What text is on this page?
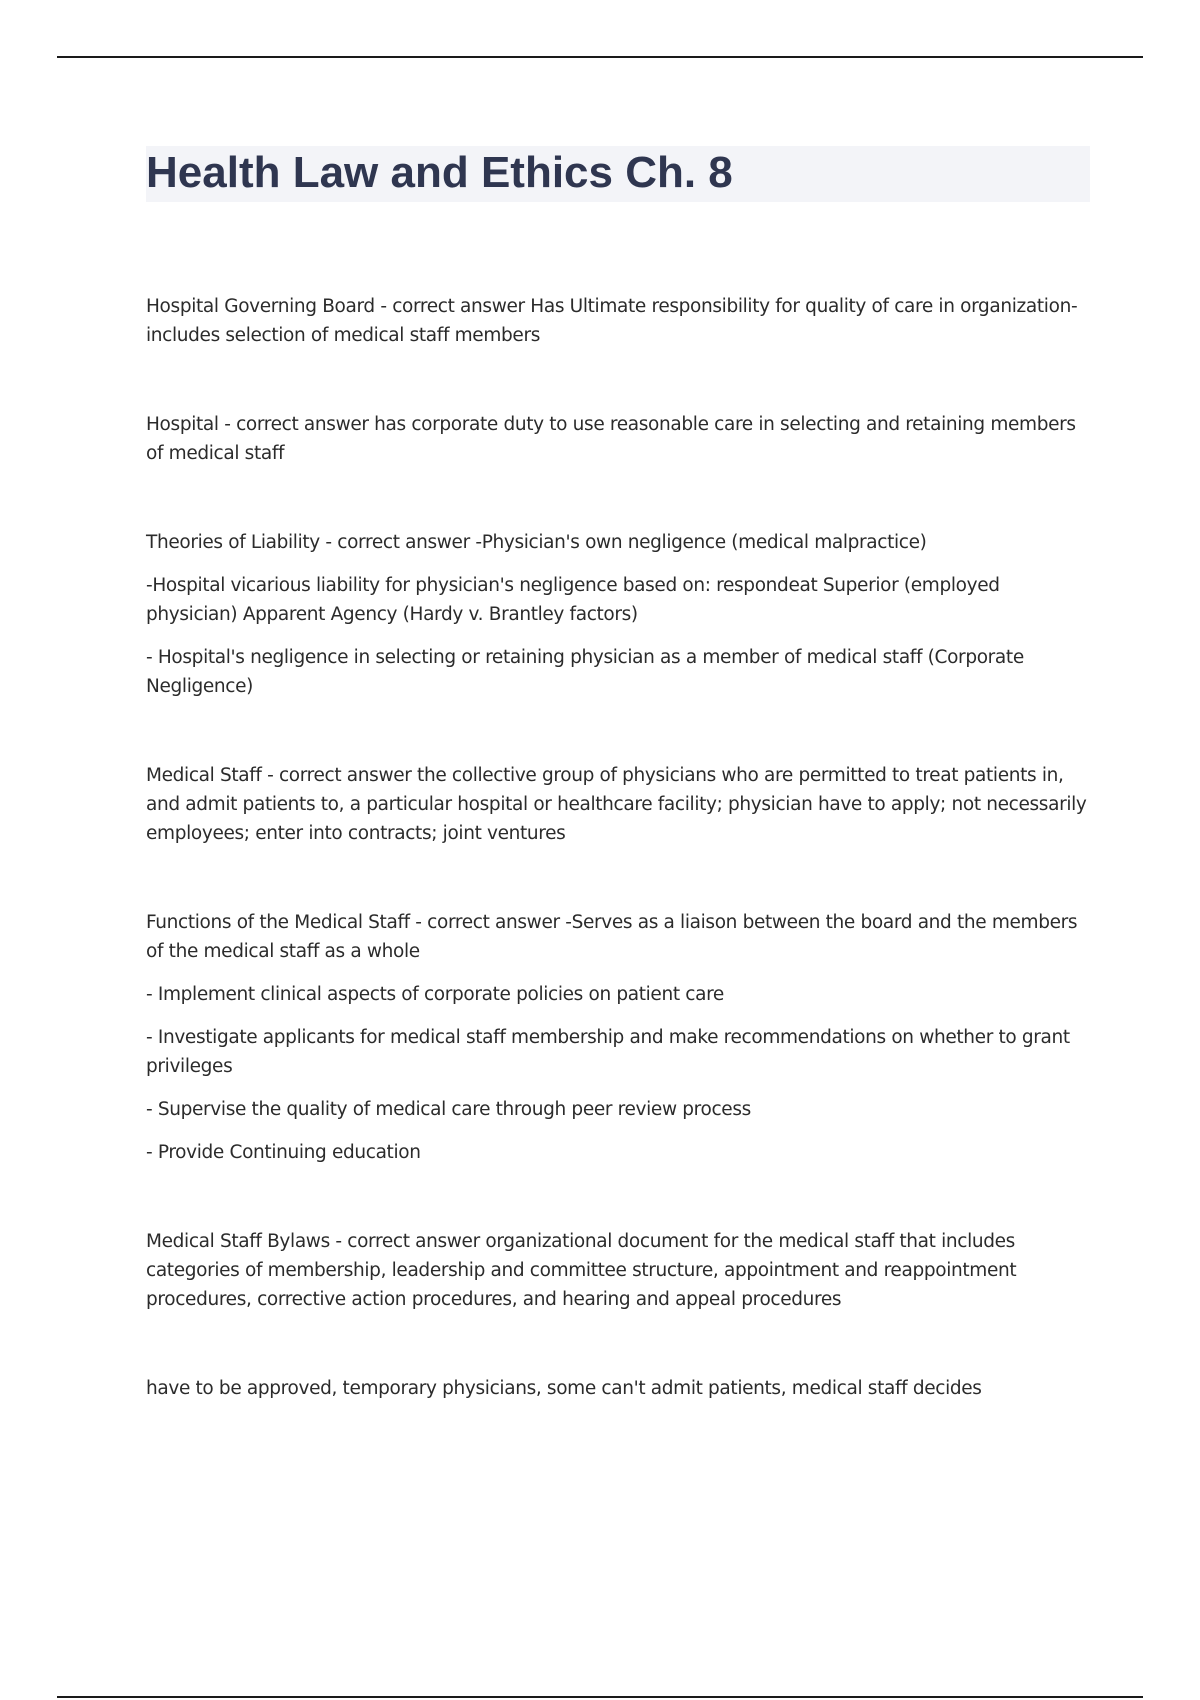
Health Law and Ethics Ch. 8

Hospital Governing Board - correct answer Has Ultimate responsibility for quality of care in organization- includes selection of medical staff members

Hospital - correct answer has corporate duty to use reasonable care in selecting and retaining members of medical staff

Theories of Liability - correct answer -Physician's own negligence (medical malpractice)

-Hospital vicarious liability for physician's negligence based on: respondeat Superior (employed physician) Apparent Agency (Hardy v. Brantley factors)

- Hospital's negligence in selecting or retaining physician as a member of medical staff (Corporate Negligence)

Medical Staff - correct answer the collective group of physicians who are permitted to treat patients in, and admit patients to, a particular hospital or healthcare facility; physician have to apply; not necessarily employees; enter into contracts; joint ventures

Functions of the Medical Staff - correct answer -Serves as a liaison between the board and the members of the medical staff as a whole

- Implement clinical aspects of corporate policies on patient care

- Investigate applicants for medical staff membership and make recommendations on whether to grant privileges

- Supervise the quality of medical care through peer review process

- Provide Continuing education

Medical Staff Bylaws - correct answer organizational document for the medical staff that includes categories of membership, leadership and committee structure, appointment and reappointment procedures, corrective action procedures, and hearing and appeal procedures

have to be approved, temporary physicians, some can't admit patients, medical staff decides
